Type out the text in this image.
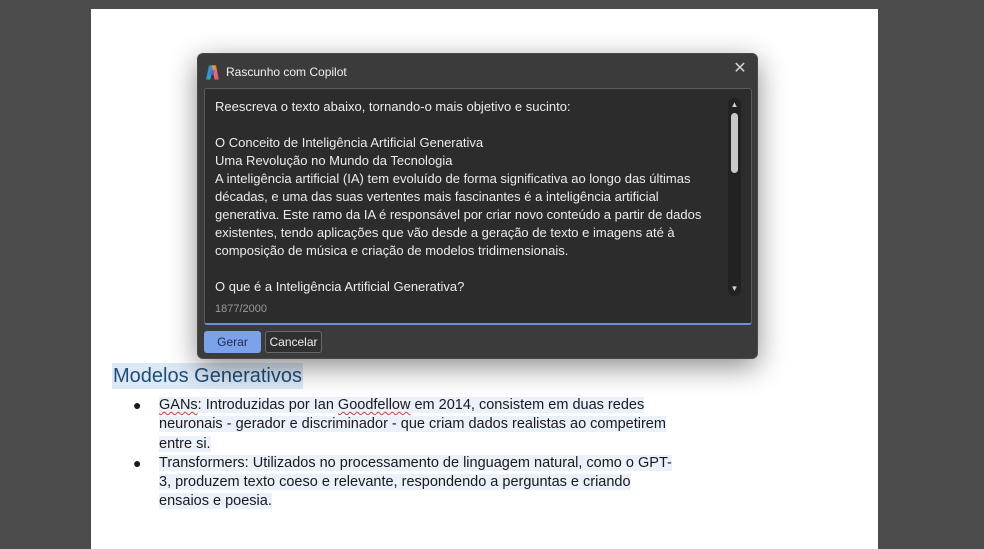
Modelos Generativos
● GANs: Introduzidas por Ian Goodfellow em 2014, consistem em duas redes neuronais - gerador e discriminador - que criam dados realistas ao competirem entre si.
● Transformers: Utilizados no processamento de linguagem natural, como o GPT-3, produzem texto coeso e relevante, respondendo a perguntas e criando ensaios e poesia.
Rascunho com Copilot	✕
Reescreva o texto abaixo, tornando-o mais objetivo e sucinto:

O Conceito de Inteligência Artificial Generativa
Uma Revolução no Mundo da Tecnologia
A inteligência artificial (IA) tem evoluído de forma significativa ao longo das últimas décadas, e uma das suas vertentes mais fascinantes é a inteligência artificial generativa. Este ramo da IA é responsável por criar novo conteúdo a partir de dados existentes, tendo aplicações que vão desde a geração de texto e imagens até à composição de música e criação de modelos tridimensionais.

O que é a Inteligência Artificial Generativa?
1877/2000
▲
▼
Gerar	Cancelar
